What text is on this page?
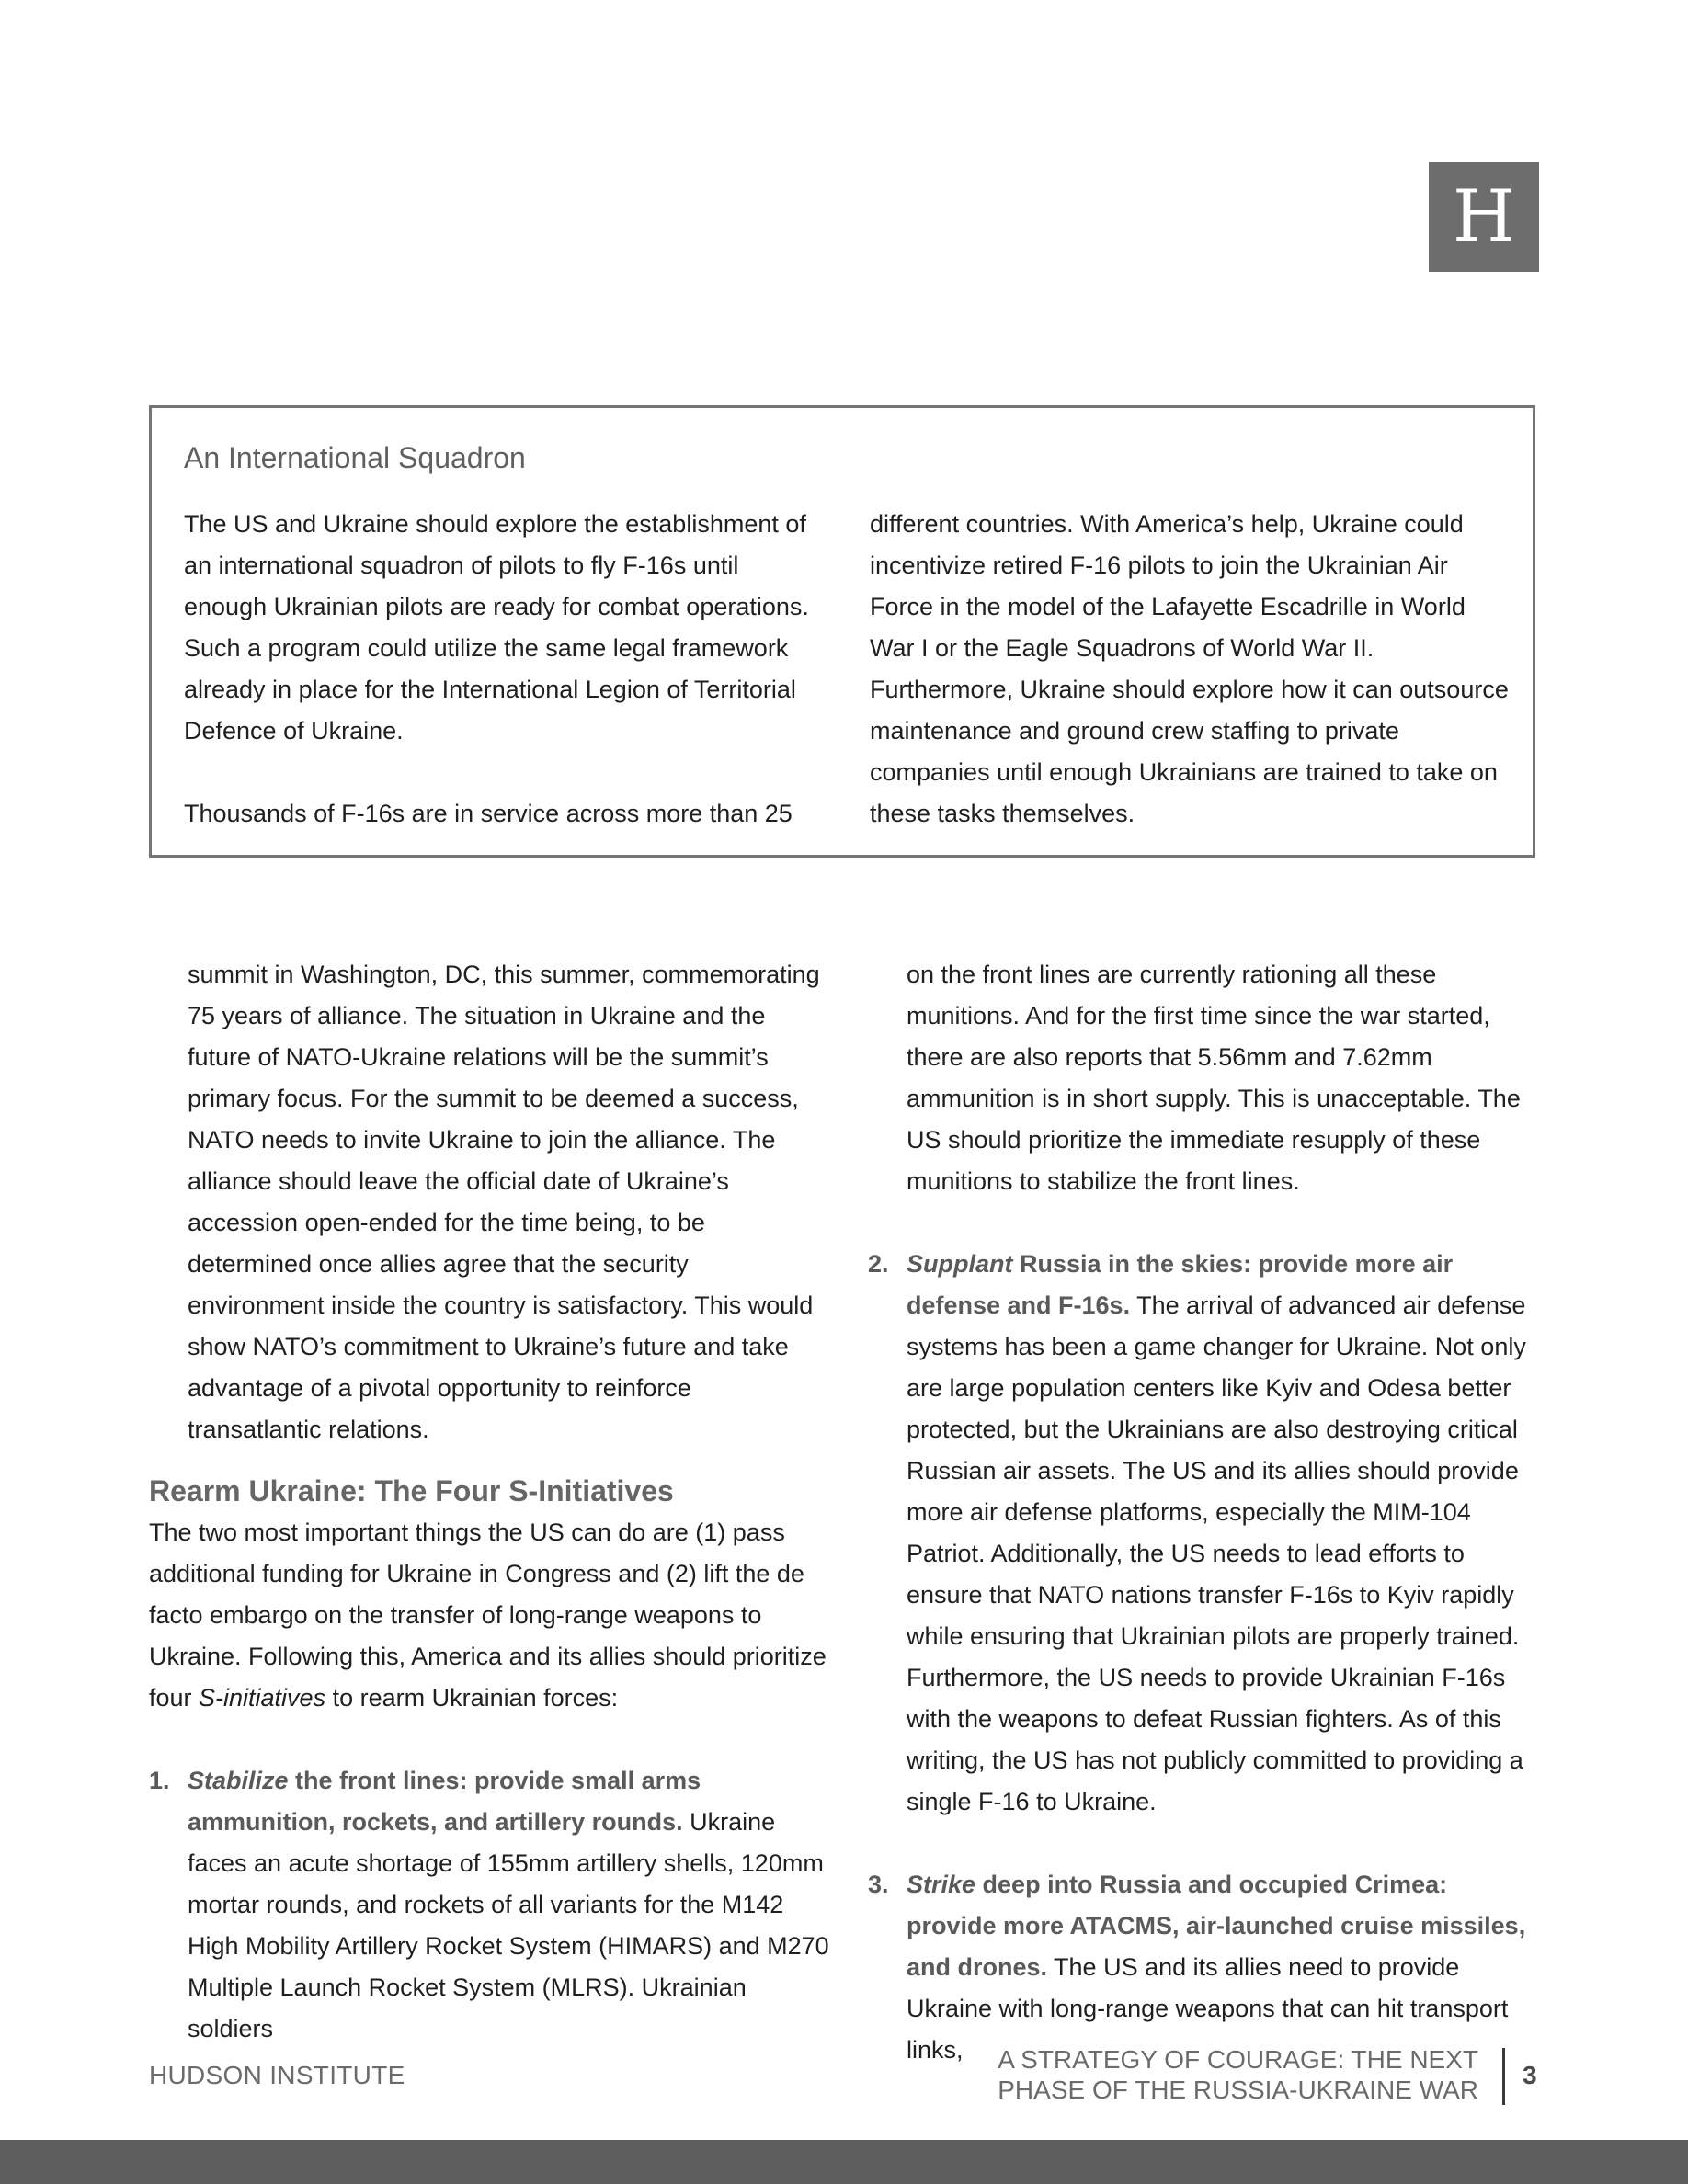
H
An International Squadron

The US and Ukraine should explore the establishment of an international squadron of pilots to fly F-16s until enough Ukrainian pilots are ready for combat operations. Such a program could utilize the same legal framework already in place for the International Legion of Territorial Defence of Ukraine.

Thousands of F-16s are in service across more than 25

different countries. With America’s help, Ukraine could incentivize retired F-16 pilots to join the Ukrainian Air Force in the model of the Lafayette Escadrille in World War I or the Eagle Squadrons of World War II. Furthermore, Ukraine should explore how it can outsource maintenance and ground crew staffing to private companies until enough Ukrainians are trained to take on these tasks themselves.

summit in Washington, DC, this summer, commemorating 75 years of alliance. The situation in Ukraine and the future of NATO-Ukraine relations will be the summit’s primary focus. For the summit to be deemed a success, NATO needs to invite Ukraine to join the alliance. The alliance should leave the official date of Ukraine’s accession open-ended for the time being, to be determined once allies agree that the security environment inside the country is satisfactory. This would show NATO’s commitment to Ukraine’s future and take advantage of a pivotal opportunity to reinforce transatlantic relations.

Rearm Ukraine: The Four S-Initiatives

The two most important things the US can do are (1) pass additional funding for Ukraine in Congress and (2) lift the de facto embargo on the transfer of long-range weapons to Ukraine. Following this, America and its allies should prioritize four S-initiatives to rearm Ukrainian forces:

1. Stabilize the front lines: provide small arms ammunition, rockets, and artillery rounds. Ukraine faces an acute shortage of 155mm artillery shells, 120mm mortar rounds, and rockets of all variants for the M142 High Mobility Artillery Rocket System (HIMARS) and M270 Multiple Launch Rocket System (MLRS). Ukrainian soldiers
on the front lines are currently rationing all these munitions. And for the first time since the war started, there are also reports that 5.56mm and 7.62mm ammunition is in short supply. This is unacceptable. The US should prioritize the immediate resupply of these munitions to stabilize the front lines.
2. Supplant Russia in the skies: provide more air defense and F-16s. The arrival of advanced air defense systems has been a game changer for Ukraine. Not only are large population centers like Kyiv and Odesa better protected, but the Ukrainians are also destroying critical Russian air assets. The US and its allies should provide more air defense platforms, especially the MIM-104 Patriot. Additionally, the US needs to lead efforts to ensure that NATO nations transfer F-16s to Kyiv rapidly while ensuring that Ukrainian pilots are properly trained. Furthermore, the US needs to provide Ukrainian F-16s with the weapons to defeat Russian fighters. As of this writing, the US has not publicly committed to providing a single F-16 to Ukraine.
3. Strike deep into Russia and occupied Crimea: provide more ATACMS, air-launched cruise missiles, and drones. The US and its allies need to provide Ukraine with long-range weapons that can hit transport links,
HUDSON INSTITUTE
A STRATEGY OF COURAGE: THE NEXT
PHASE OF THE RUSSIA-UKRAINE WAR
3
